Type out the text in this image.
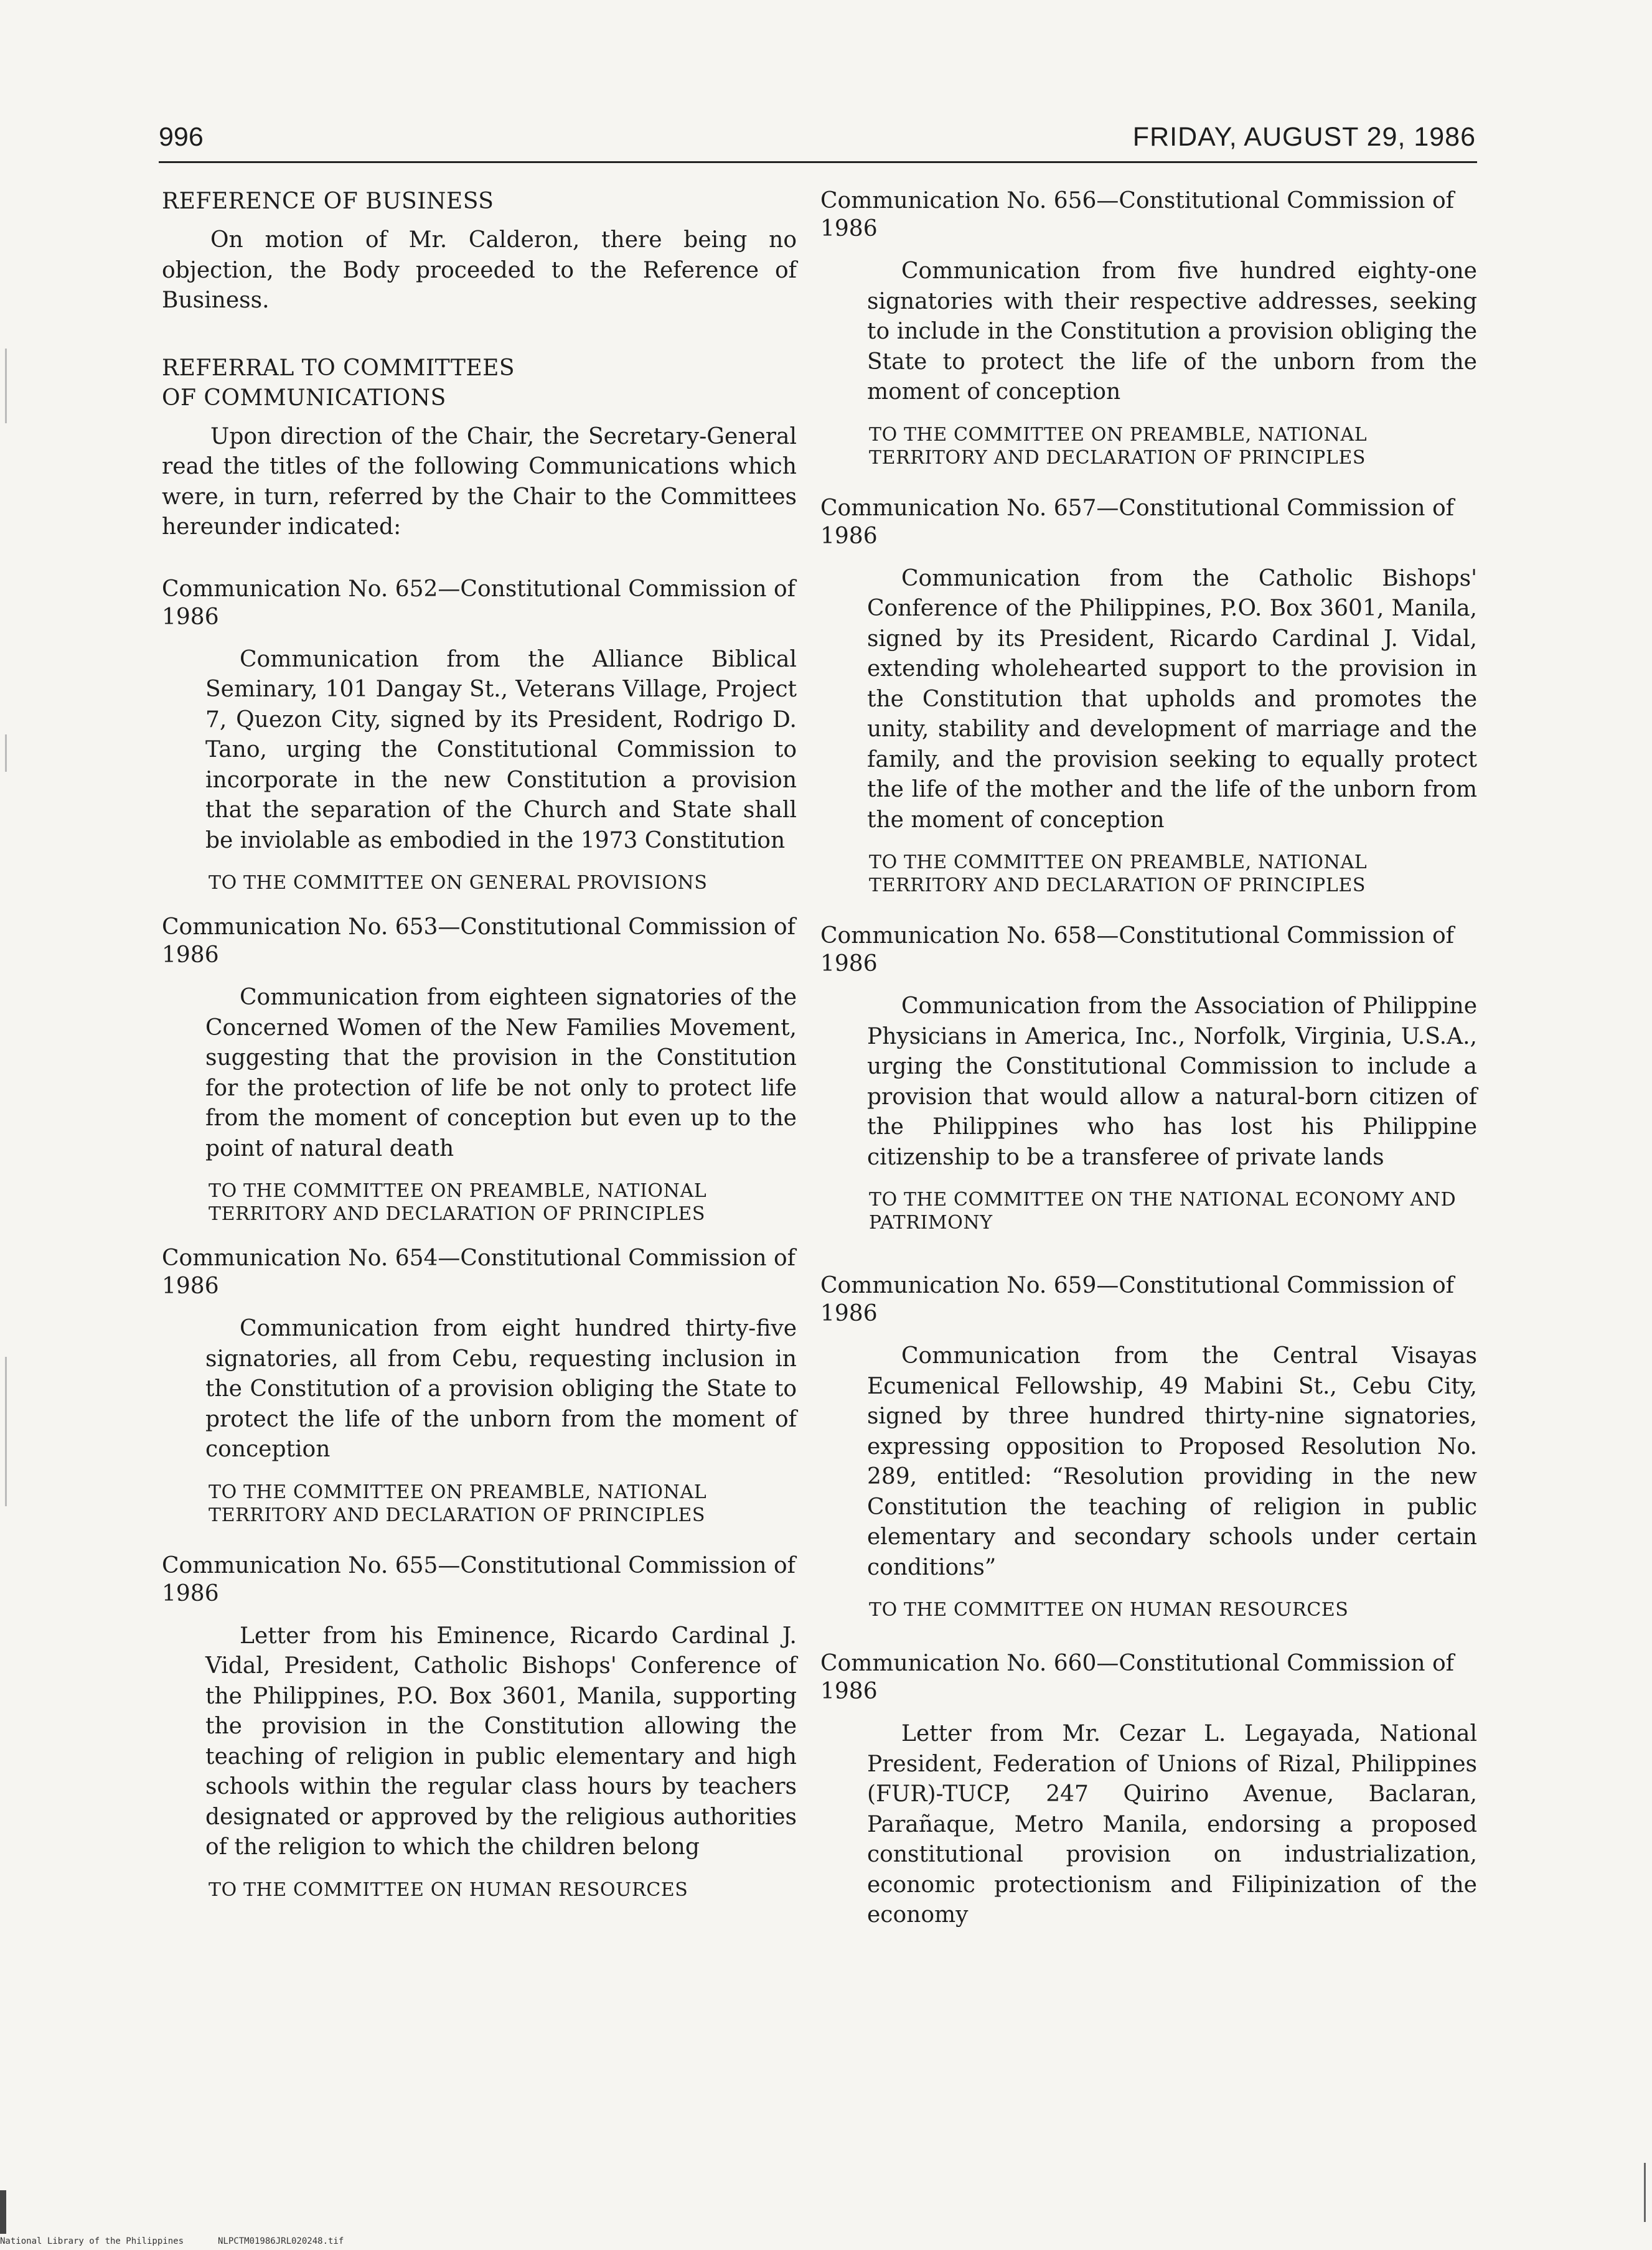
996	FRIDAY, AUGUST 29, 1986

REFERENCE OF BUSINESS

On motion of Mr. Calderon, there being no objection, the Body proceeded to the Reference of Business.

REFERRAL TO COMMITTEES
OF COMMUNICATIONS

Upon direction of the Chair, the Secretary-General read the titles of the following Communications which were, in turn, referred by the Chair to the Committees hereunder indicated:

Communication No. 652—Constitutional Commission of 1986

Communication from the Alliance Biblical Seminary, 101 Dangay St., Veterans Village, Project 7, Quezon City, signed by its President, Rodrigo D. Tano, urging the Constitutional Commission to incorporate in the new Constitution a provision that the separation of the Church and State shall be inviolable as embodied in the 1973 Constitution

TO THE COMMITTEE ON GENERAL PROVISIONS

Communication No. 653—Constitutional Commission of 1986

Communication from eighteen signatories of the Concerned Women of the New Families Movement, suggesting that the provision in the Constitution for the protection of life be not only to protect life from the moment of conception but even up to the point of natural death

TO THE COMMITTEE ON PREAMBLE, NATIONAL TERRITORY AND DECLARATION OF PRINCIPLES

Communication No. 654—Constitutional Commission of 1986

Communication from eight hundred thirty-five signatories, all from Cebu, requesting inclusion in the Constitution of a provision obliging the State to protect the life of the unborn from the moment of conception

TO THE COMMITTEE ON PREAMBLE, NATIONAL TERRITORY AND DECLARATION OF PRINCIPLES

Communication No. 655—Constitutional Commission of 1986

Letter from his Eminence, Ricardo Cardinal J. Vidal, President, Catholic Bishops' Conference of the Philippines, P.O. Box 3601, Manila, supporting the provision in the Constitution allowing the teaching of religion in public elementary and high schools within the regular class hours by teachers designated or approved by the religious authorities of the religion to which the children belong

TO THE COMMITTEE ON HUMAN RESOURCES

Communication No. 656—Constitutional Commission of 1986

Communication from five hundred eighty-one signatories with their respective addresses, seeking to include in the Constitution a provision obliging the State to protect the life of the unborn from the moment of conception

TO THE COMMITTEE ON PREAMBLE, NATIONAL TERRITORY AND DECLARATION OF PRINCIPLES

Communication No. 657—Constitutional Commission of 1986

Communication from the Catholic Bishops' Conference of the Philippines, P.O. Box 3601, Manila, signed by its President, Ricardo Cardinal J. Vidal, extending wholehearted support to the provision in the Constitution that upholds and promotes the unity, stability and development of marriage and the family, and the provision seeking to equally protect the life of the mother and the life of the unborn from the moment of conception

TO THE COMMITTEE ON PREAMBLE, NATIONAL TERRITORY AND DECLARATION OF PRINCIPLES

Communication No. 658—Constitutional Commission of 1986

Communication from the Association of Philippine Physicians in America, Inc., Norfolk, Virginia, U.S.A., urging the Constitutional Commission to include a provision that would allow a natural-born citizen of the Philippines who has lost his Philippine citizenship to be a transferee of private lands

TO THE COMMITTEE ON THE NATIONAL ECONOMY AND PATRIMONY

Communication No. 659—Constitutional Commission of 1986

Communication from the Central Visayas Ecumenical Fellowship, 49 Mabini St., Cebu City, signed by three hundred thirty-nine signatories, expressing opposition to Proposed Resolution No. 289, entitled: “Resolution providing in the new Constitution the teaching of religion in public elementary and secondary schools under certain conditions”

TO THE COMMITTEE ON HUMAN RESOURCES

Communication No. 660—Constitutional Commission of 1986

Letter from Mr. Cezar L. Legayada, National President, Federation of Unions of Rizal, Philippines (FUR)-TUCP, 247 Quirino Avenue, Baclaran, Parañaque, Metro Manila, endorsing a proposed constitutional provision on industrialization, economic protectionism and Filipinization of the economy

National Library of the Philippines	NLPCTM01986JRL020248.tif
